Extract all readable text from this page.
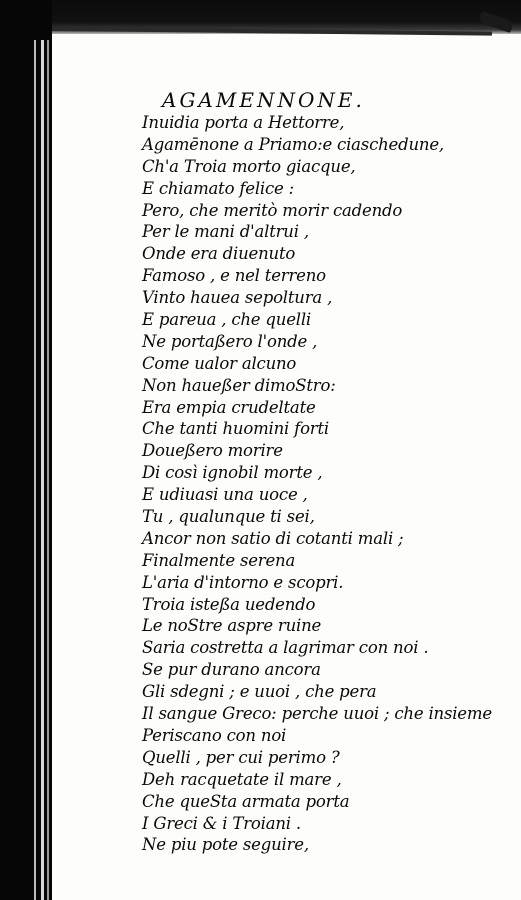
AGAMENNONE.
Inuidia porta a Hettorre,
Agamēnone a Priamo:e ciaschedune,
Ch'a Troia morto giacque,
E chiamato felice :
Pero, che meritò morir cadendo
Per le mani d'altrui ,
Onde era diuenuto
Famoso , e nel terreno
Vinto hauea sepoltura ,
E pareua , che quelli
Ne portaßero l'onde ,
Come ualor alcuno
Non haueßer dimoStro:
Era empia crudeltate
Che tanti huomini forti
Doueßero morire
Di così ignobil morte ,
E udiuasi una uoce ,
Tu , qualunque ti sei,
Ancor non satio di cotanti mali ;
Finalmente serena
L'aria d'intorno e scopri.
Troia isteßa uedendo
Le noStre aspre ruine
Saria costretta a lagrimar con noi .
Se pur durano ancora
Gli sdegni ; e uuoi , che pera
Il sangue Greco: perche uuoi ; che insieme
Periscano con noi
Quelli , per cui perimo ?
Deh racquetate il mare ,
Che queSta armata porta
I Greci & i Troiani .
Ne piu pote seguire,
